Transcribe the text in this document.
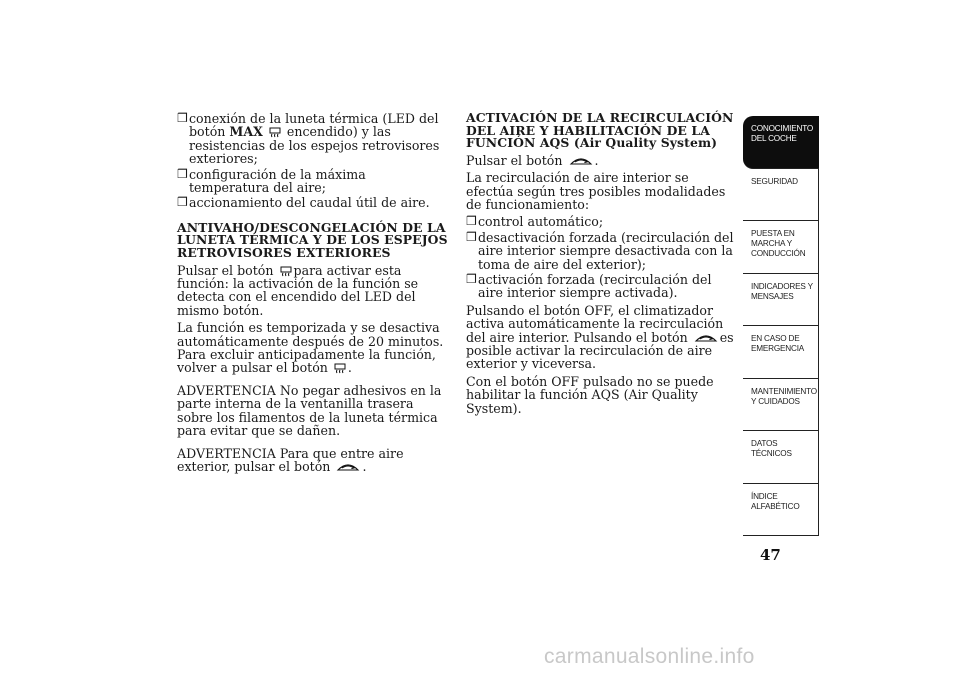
❒ conexión de la luneta térmica (LED del botón MAX  encendido) y las resistencias de los espejos retrovisores exteriores;
❒ configuración de la máxima temperatura del aire;
❒ accionamiento del caudal útil de aire.
ANTIVAHO/DESCONGELACIÓN DE LA LUNETA TÉRMICA Y DE LOS ESPEJOS RETROVISORES EXTERIORES
Pulsar el botón para activar esta función: la activación de la función se detecta con el encendido del LED del mismo botón.
La función es temporizada y se desactiva automáticamente después de 20 minutos. Para excluir anticipadamente la función, volver a pulsar el botón .
ADVERTENCIA No pegar adhesivos en la parte interna de la ventanilla trasera sobre los filamentos de la luneta térmica para evitar que se dañen.
ADVERTENCIA Para que entre aire exterior, pulsar el botón	.
ACTIVACIÓN DE LA RECIRCULACIÓN DEL AIRE Y HABILITACIÓN DE LA FUNCIÓN AQS (Air Quality System)
Pulsar el botón	.
La recirculación de aire interior se efectúa según tres posibles modalidades de funcionamiento:
❒ control automático;
❒ desactivación forzada (recirculación del aire interior siempre desactivada con la toma de aire del exterior);
❒ activación forzada (recirculación del aire interior siempre activada).
Pulsando el botón OFF, el climatizador activa automáticamente la recirculación del aire interior. Pulsando el botón	es posible activar la recirculación de aire exterior y viceversa.
Con el botón OFF pulsado no se puede habilitar la función AQS (Air Quality System).
CONOCIMIENTO DEL COCHE
SEGURIDAD
PUESTA EN MARCHA Y CONDUCCIÓN
INDICADORES Y MENSAJES
EN CASO DE EMERGENCIA
MANTENIMIENTO Y CUIDADOS
DATOS TÉCNICOS
ÍNDICE ALFABÉTICO
47
carmanualsonline.info
